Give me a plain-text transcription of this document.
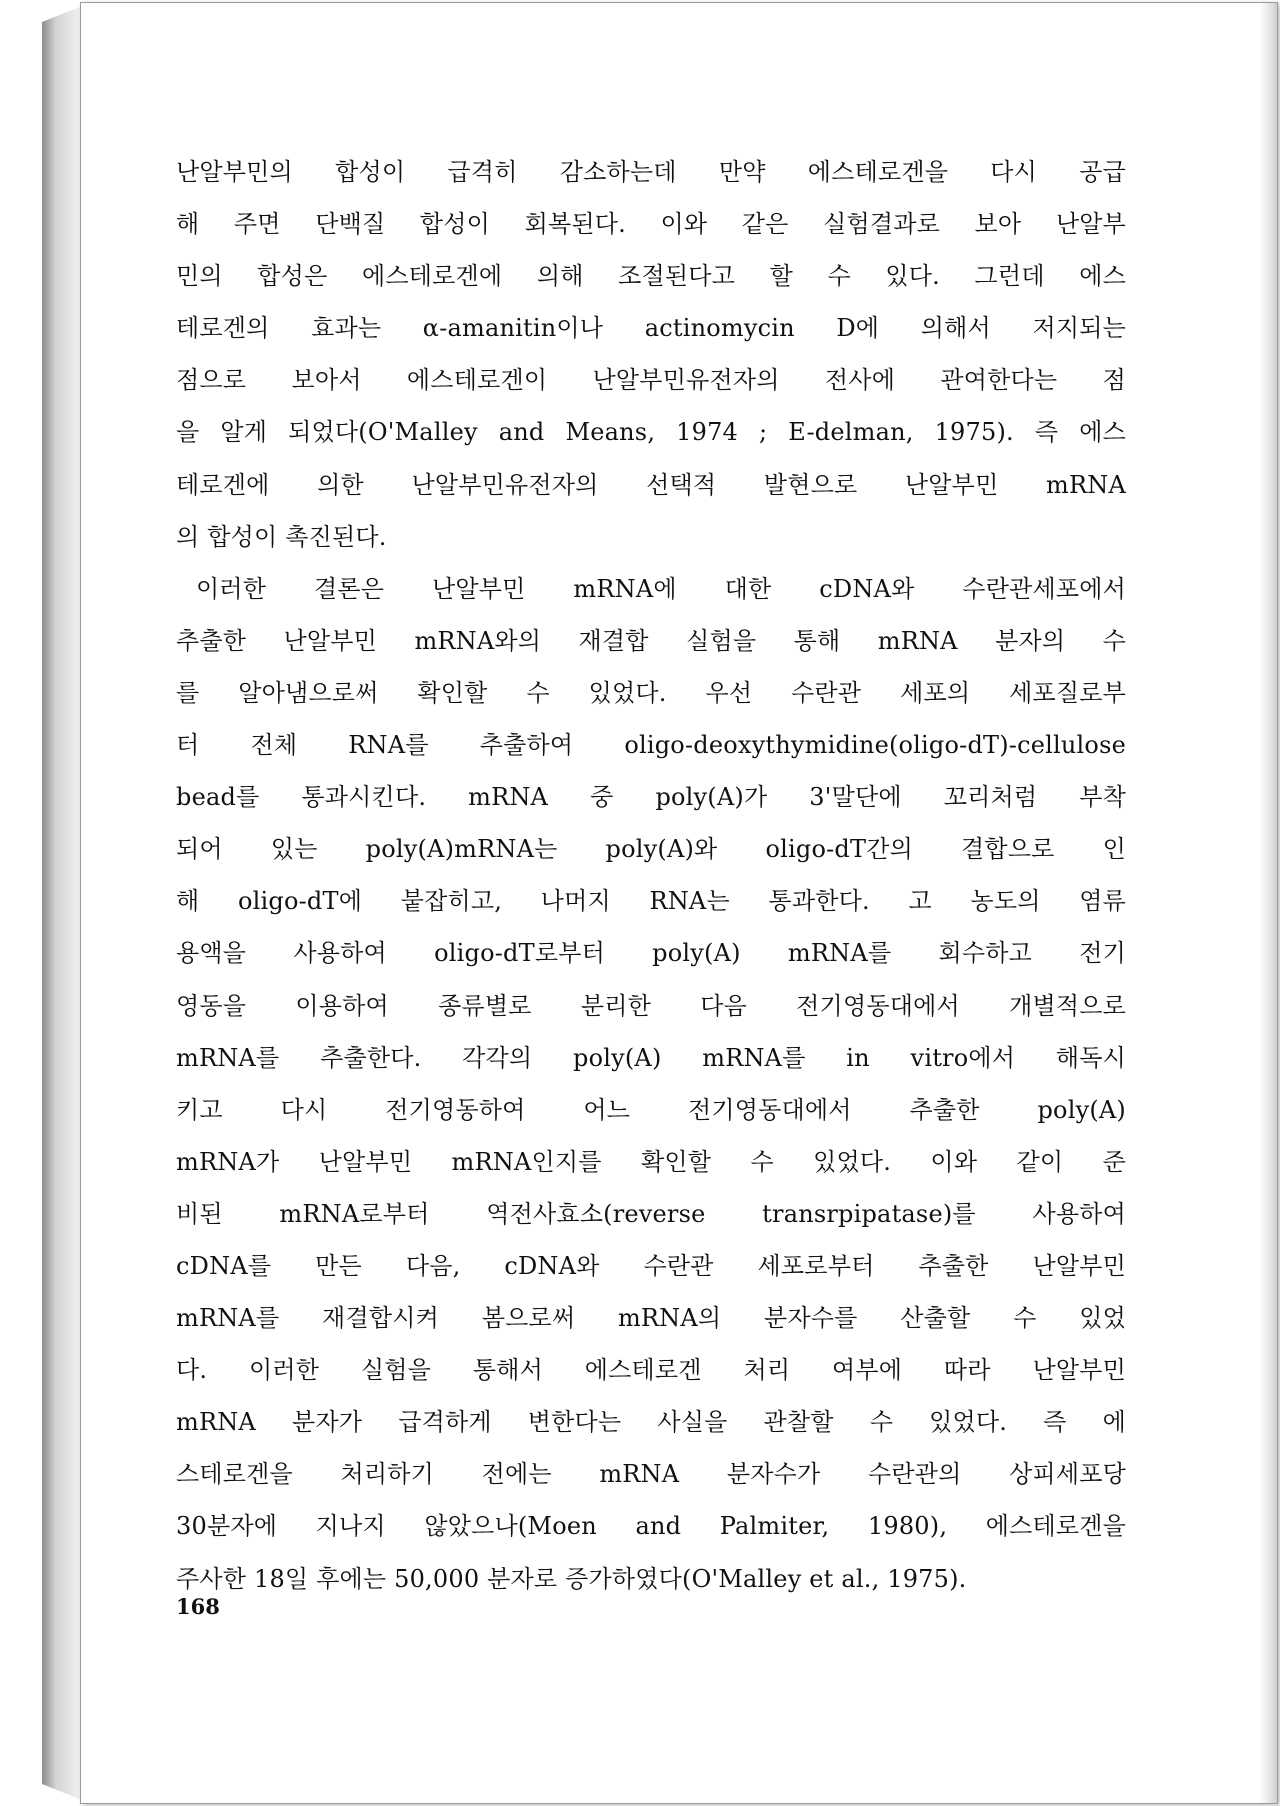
난알부민의 합성이 급격히 감소하는데 만약 에스테로겐을 다시 공급
해 주면 단백질 합성이 회복된다. 이와 같은 실험결과로 보아 난알부
민의 합성은 에스테로겐에 의해 조절된다고 할 수 있다. 그런데 에스
테로겐의 효과는 α-amanitin이나 actinomycin D에 의해서 저지되는
점으로 보아서 에스테로겐이 난알부민유전자의 전사에 관여한다는 점
을 알게 되었다(O'Malley and Means, 1974 ; E-delman, 1975). 즉 에스
테로겐에 의한 난알부민유전자의 선택적 발현으로 난알부민 mRNA
의 합성이 촉진된다.
이러한 결론은 난알부민 mRNA에 대한 cDNA와 수란관세포에서
추출한 난알부민 mRNA와의 재결합 실험을 통해 mRNA 분자의 수
를 알아냄으로써 확인할 수 있었다. 우선 수란관 세포의 세포질로부
터 전체 RNA를 추출하여 oligo-deoxythymidine(oligo-dT)-cellulose
bead를 통과시킨다. mRNA 중 poly(A)가 3'말단에 꼬리처럼 부착
되어 있는 poly(A)mRNA는 poly(A)와 oligo-dT간의 결합으로 인
해 oligo-dT에 붙잡히고, 나머지 RNA는 통과한다. 고 농도의 염류
용액을 사용하여 oligo-dT로부터 poly(A) mRNA를 회수하고 전기
영동을 이용하여 종류별로 분리한 다음 전기영동대에서 개별적으로
mRNA를 추출한다. 각각의 poly(A) mRNA를 in vitro에서 해독시
키고 다시 전기영동하여 어느 전기영동대에서 추출한 poly(A)
mRNA가 난알부민 mRNA인지를 확인할 수 있었다. 이와 같이 준
비된 mRNA로부터 역전사효소(reverse transrpipatase)를 사용하여
cDNA를 만든 다음, cDNA와 수란관 세포로부터 추출한 난알부민
mRNA를 재결합시켜 봄으로써 mRNA의 분자수를 산출할 수 있었
다. 이러한 실험을 통해서 에스테로겐 처리 여부에 따라 난알부민
mRNA 분자가 급격하게 변한다는 사실을 관찰할 수 있었다. 즉 에
스테로겐을 처리하기 전에는 mRNA 분자수가 수란관의 상피세포당
30분자에 지나지 않았으나(Moen and Palmiter, 1980), 에스테로겐을
주사한 18일 후에는 50,000 분자로 증가하였다(O'Malley et al., 1975).
168
